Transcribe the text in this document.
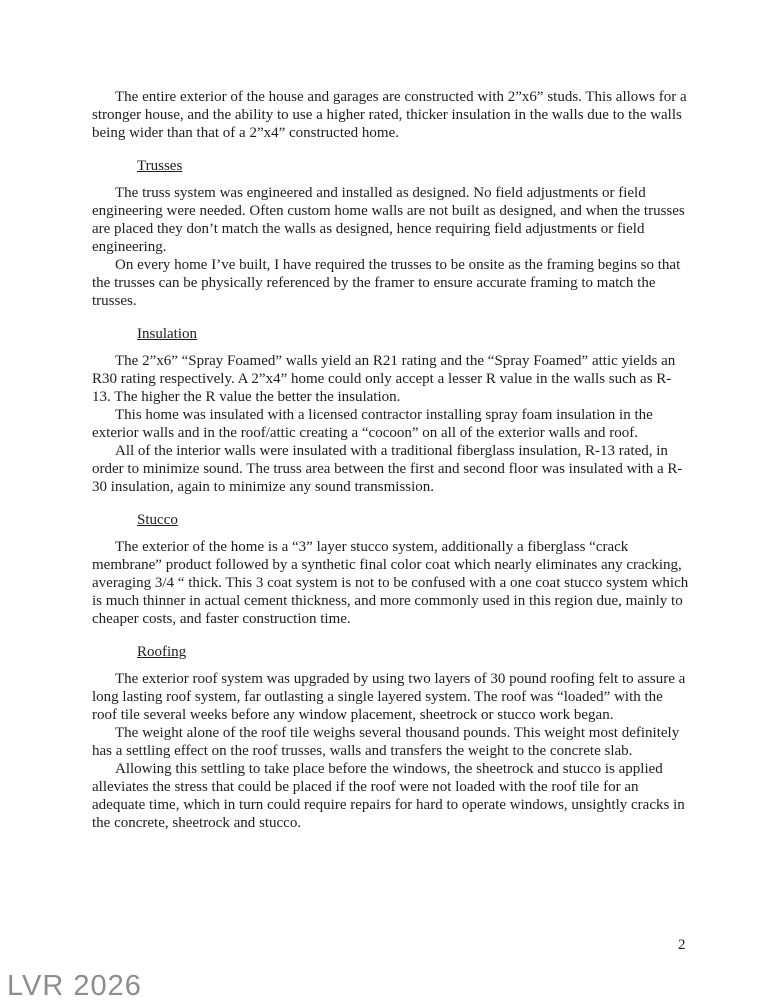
The entire exterior of the house and garages are constructed with 2”x6” studs. This allows for a stronger house, and the ability to use a higher rated, thicker insulation in the walls due to the walls being wider than that of a 2”x4” constructed home.

Trusses

The truss system was engineered and installed as designed. No field adjustments or field engineering were needed. Often custom home walls are not built as designed, and when the trusses are placed they don’t match the walls as designed, hence requiring field adjustments or field engineering.

On every home I’ve built, I have required the trusses to be onsite as the framing begins so that the trusses can be physically referenced by the framer to ensure accurate framing to match the trusses.

Insulation

The 2”x6” “Spray Foamed” walls yield an R21 rating and the “Spray Foamed” attic yields an R30 rating respectively. A 2”x4” home could only accept a lesser R value in the walls such as R-13. The higher the R value the better the insulation.

This home was insulated with a licensed contractor installing spray foam insulation in the exterior walls and in the roof/attic creating a “cocoon” on all of the exterior walls and roof.

All of the interior walls were insulated with a traditional fiberglass insulation, R-13 rated, in order to minimize sound. The truss area between the first and second floor was insulated with a R-30 insulation, again to minimize any sound transmission.

Stucco

The exterior of the home is a “3” layer stucco system, additionally a fiberglass “crack membrane” product followed by a synthetic final color coat which nearly eliminates any cracking, averaging 3/4 “ thick. This 3 coat system is not to be confused with a one coat stucco system which is much thinner in actual cement thickness, and more commonly used in this region due, mainly to cheaper costs, and faster construction time.

Roofing

The exterior roof system was upgraded by using two layers of 30 pound roofing felt to assure a long lasting roof system, far outlasting a single layered system. The roof was “loaded” with the roof tile several weeks before any window placement, sheetrock or stucco work began.

The weight alone of the roof tile weighs several thousand pounds. This weight most definitely has a settling effect on the roof trusses, walls and transfers the weight to the concrete slab.

Allowing this settling to take place before the windows, the sheetrock and stucco is applied alleviates the stress that could be placed if the roof were not loaded with the roof tile for an adequate time, which in turn could require repairs for hard to operate windows, unsightly cracks in the concrete, sheetrock and stucco.

2
LVR 2026
